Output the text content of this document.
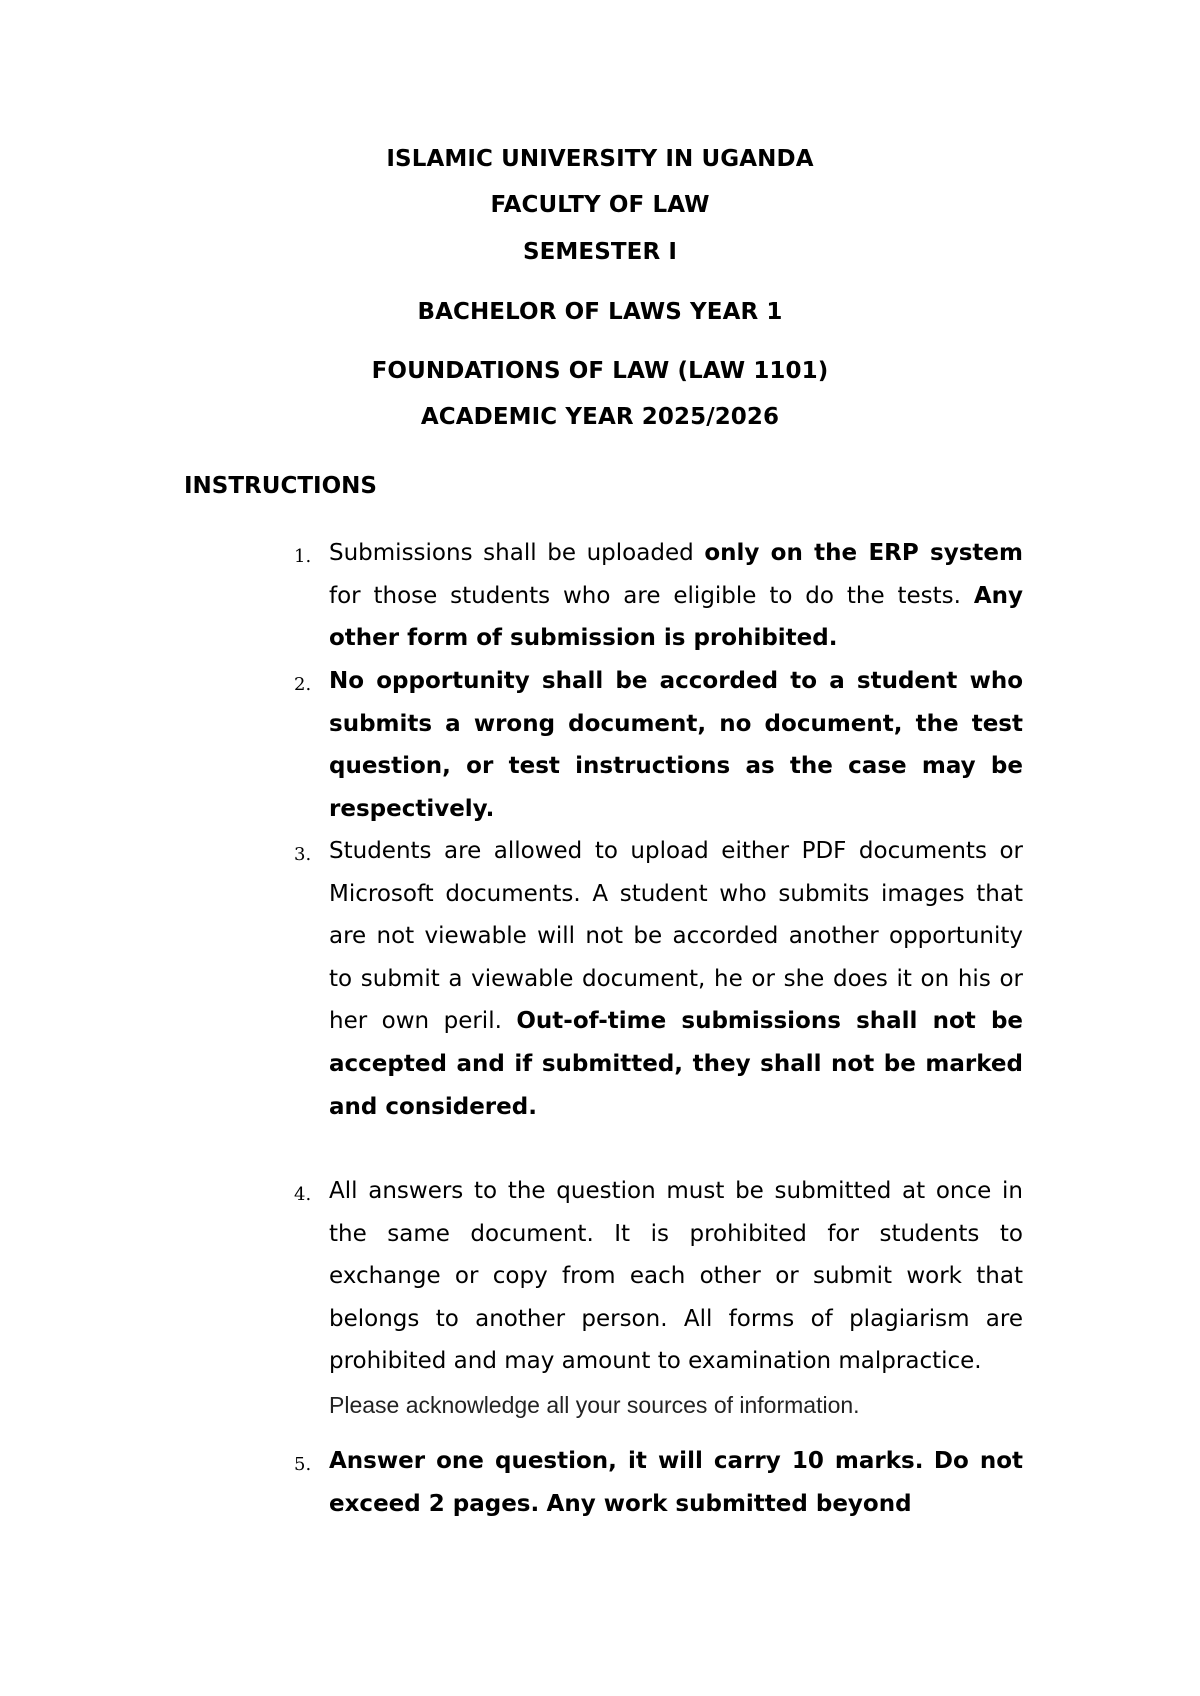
ISLAMIC UNIVERSITY IN UGANDA
FACULTY OF LAW
SEMESTER I
BACHELOR OF LAWS YEAR 1
FOUNDATIONS OF LAW (LAW 1101)
ACADEMIC YEAR 2025/2026
INSTRUCTIONS
1. Submissions shall be uploaded only on the ERP system for those students who are eligible to do the tests. Any other form of submission is prohibited.
2. No opportunity shall be accorded to a student who submits a wrong document, no document, the test question, or test instructions as the case may be respectively.
3. Students are allowed to upload either PDF documents or Microsoft documents. A student who submits images that are not viewable will not be accorded another opportunity to submit a viewable document, he or she does it on his or her own peril. Out-of-time submissions shall not be accepted and if submitted, they shall not be marked and considered.
4. All answers to the question must be submitted at once in the same document. It is prohibited for students to exchange or copy from each other or submit work that belongs to another person. All forms of plagiarism are prohibited and may amount to examination malpractice.
Please acknowledge all your sources of information.
5. Answer one question, it will carry 10 marks. Do not exceed 2 pages. Any work submitted beyond
